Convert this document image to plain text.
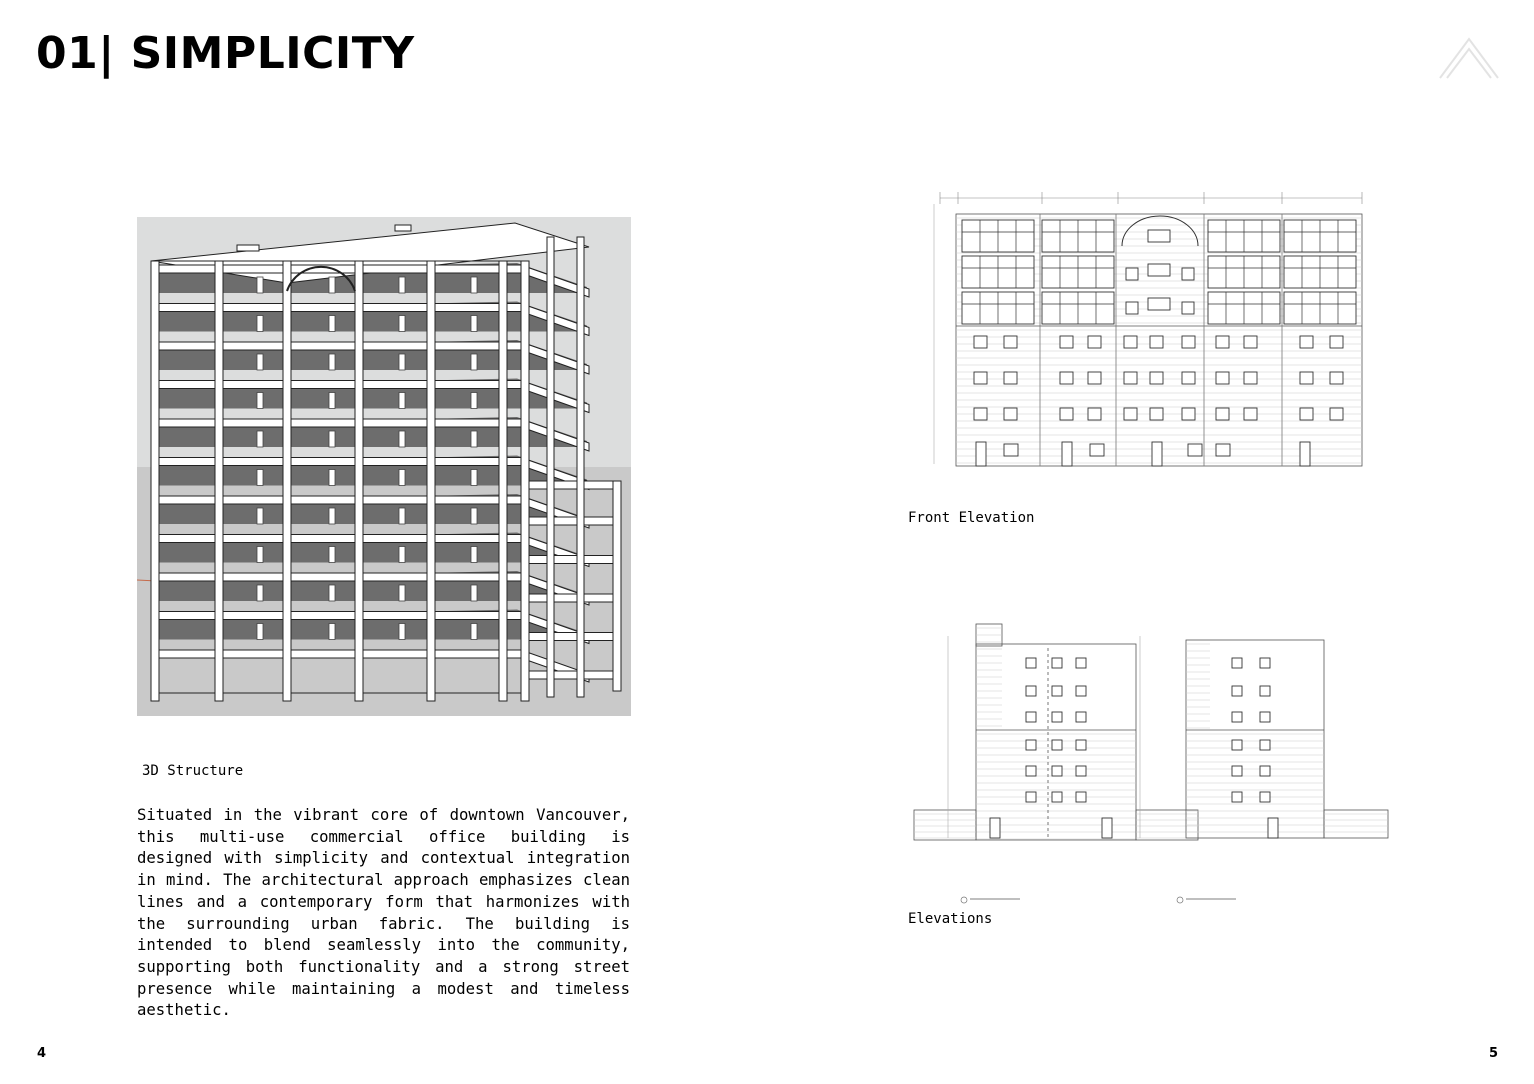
01| SIMPLICITY
3D Structure

Situated in the vibrant core of downtown Vancouver, this multi-use commercial office building is designed with simplicity and contextual integration in mind. The architectural approach emphasizes clean lines and a contemporary form that harmonizes with the surrounding urban fabric. The building is intended to blend seamlessly into the community, supporting both functionality and a strong street presence while maintaining a modest and timeless aesthetic.

Front Elevation
Elevations
4	5
